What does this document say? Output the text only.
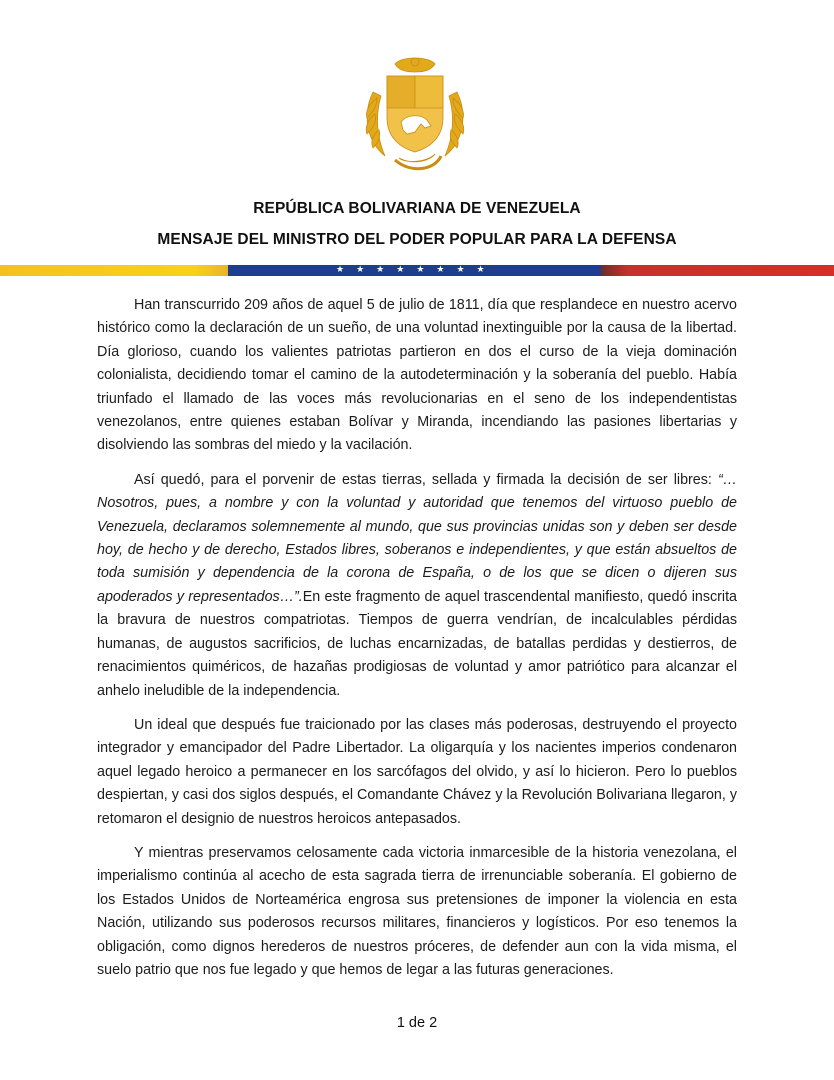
REPÚBLICA BOLIVARIANA DE VENEZUELA
MENSAJE DEL MINISTRO DEL PODER POPULAR PARA LA DEFENSA
★ ★ ★ ★ ★ ★ ★ ★

Han transcurrido 209 años de aquel 5 de julio de 1811, día que resplandece en nuestro acervo histórico como la declaración de un sueño, de una voluntad inextinguible por la causa de la libertad. Día glorioso, cuando los valientes patriotas partieron en dos el curso de la vieja dominación colonialista, decidiendo tomar el camino de la autodeterminación y la soberanía del pueblo. Había triunfado el llamado de las voces más revolucionarias en el seno de los independentistas venezolanos, entre quienes estaban Bolívar y Miranda, incendiando las pasiones libertarias y disolviendo las sombras del miedo y la vacilación.

Así quedó, para el porvenir de estas tierras, sellada y firmada la decisión de ser libres: “…Nosotros, pues, a nombre y con la voluntad y autoridad que tenemos del virtuoso pueblo de Venezuela, declaramos solemnemente al mundo, que sus provincias unidas son y deben ser desde hoy, de hecho y de derecho, Estados libres, soberanos e independientes, y que están absueltos de toda sumisión y dependencia de la corona de España, o de los que se dicen o dijeren sus apoderados y representados…”.En este fragmento de aquel trascendental manifiesto, quedó inscrita la bravura de nuestros compatriotas. Tiempos de guerra vendrían, de incalculables pérdidas humanas, de augustos sacrificios, de luchas encarnizadas, de batallas perdidas y destierros, de renacimientos quiméricos, de hazañas prodigiosas de voluntad y amor patriótico para alcanzar el anhelo ineludible de la independencia.

Un ideal que después fue traicionado por las clases más poderosas, destruyendo el proyecto integrador y emancipador del Padre Libertador. La oligarquía y los nacientes imperios condenaron aquel legado heroico a permanecer en los sarcófagos del olvido, y así lo hicieron. Pero lo pueblos despiertan, y casi dos siglos después, el Comandante Chávez y la Revolución Bolivariana llegaron, y retomaron el designio de nuestros heroicos antepasados.

Y mientras preservamos celosamente cada victoria inmarcesible de la historia venezolana, el imperialismo continúa al acecho de esta sagrada tierra de irrenunciable soberanía. El gobierno de los Estados Unidos de Norteamérica engrosa sus pretensiones de imponer la violencia en esta Nación, utilizando sus poderosos recursos militares, financieros y logísticos. Por eso tenemos la obligación, como dignos herederos de nuestros próceres, de defender aun con la vida misma, el suelo patrio que nos fue legado y que hemos de legar a las futuras generaciones.

1 de 2
